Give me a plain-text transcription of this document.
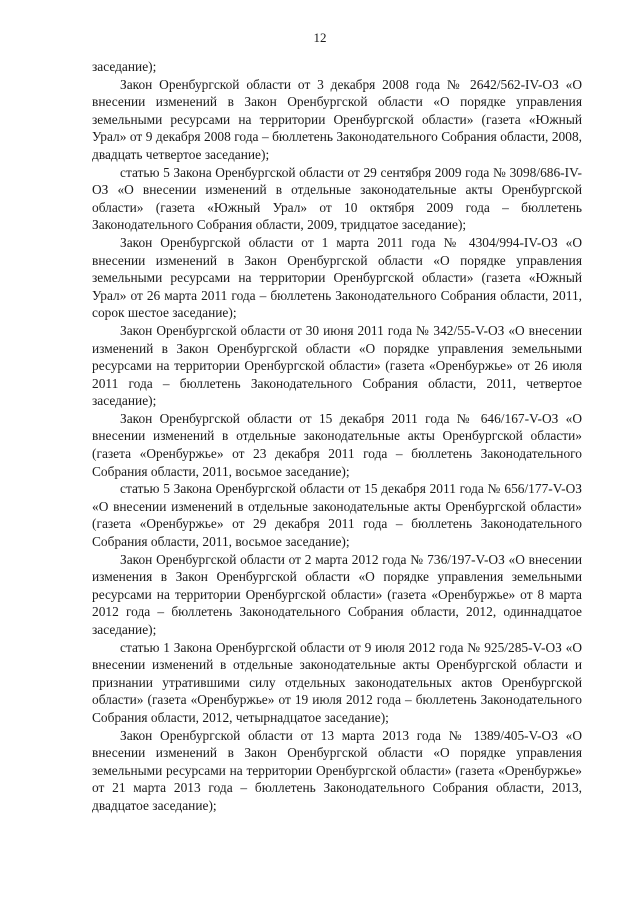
12

заседание);

Закон Оренбургской области от 3 декабря 2008 года № 2642/562-IV-ОЗ «О внесении изменений в Закон Оренбургской области «О порядке управления земельными ресурсами на территории Оренбургской области» (газета «Южный Урал» от 9 декабря 2008 года – бюллетень Законодательного Собрания области, 2008, двадцать четвертое заседание);

статью 5 Закона Оренбургской области от 29 сентября 2009 года № 3098/686-IV-ОЗ «О внесении изменений в отдельные законодательные акты Оренбургской области» (газета «Южный Урал» от 10 октября 2009 года – бюллетень Законодательного Собрания области, 2009, тридцатое заседание);

Закон Оренбургской области от 1 марта 2011 года № 4304/994-IV-ОЗ «О внесении изменений в Закон Оренбургской области «О порядке управления земельными ресурсами на территории Оренбургской области» (газета «Южный Урал» от 26 марта 2011 года – бюллетень Законодательного Собрания области, 2011, сорок шестое заседание);

Закон Оренбургской области от 30 июня 2011 года № 342/55-V-ОЗ «О внесении изменений в Закон Оренбургской области «О порядке управления земельными ресурсами на территории Оренбургской области» (газета «Оренбуржье» от 26 июля 2011 года – бюллетень Законодательного Собрания области, 2011, четвертое заседание);

Закон Оренбургской области от 15 декабря 2011 года № 646/167-V-ОЗ «О внесении изменений в отдельные законодательные акты Оренбургской области» (газета «Оренбуржье» от 23 декабря 2011 года – бюллетень Законодательного Собрания области, 2011, восьмое заседание);

статью 5 Закона Оренбургской области от 15 декабря 2011 года № 656/177-V-ОЗ «О внесении изменений в отдельные законодательные акты Оренбургской области» (газета «Оренбуржье» от 29 декабря 2011 года – бюллетень Законодательного Собрания области, 2011, восьмое заседание);

Закон Оренбургской области от 2 марта 2012 года № 736/197-V-ОЗ «О внесении изменения в Закон Оренбургской области «О порядке управления земельными ресурсами на территории Оренбургской области» (газета «Оренбуржье» от 8 марта 2012 года – бюллетень Законодательного Собрания области, 2012, одиннадцатое заседание);

статью 1 Закона Оренбургской области от 9 июля 2012 года № 925/285-V-ОЗ «О внесении изменений в отдельные законодательные акты Оренбургской области и признании утратившими силу отдельных законодательных актов Оренбургской области» (газета «Оренбуржье» от 19 июля 2012 года – бюллетень Законодательного Собрания области, 2012, четырнадцатое заседание);

Закон Оренбургской области от 13 марта 2013 года № 1389/405-V-ОЗ «О внесении изменений в Закон Оренбургской области «О порядке управления земельными ресурсами на территории Оренбургской области» (газета «Оренбуржье» от 21 марта 2013 года – бюллетень Законодательного Собрания области, 2013, двадцатое заседание);
